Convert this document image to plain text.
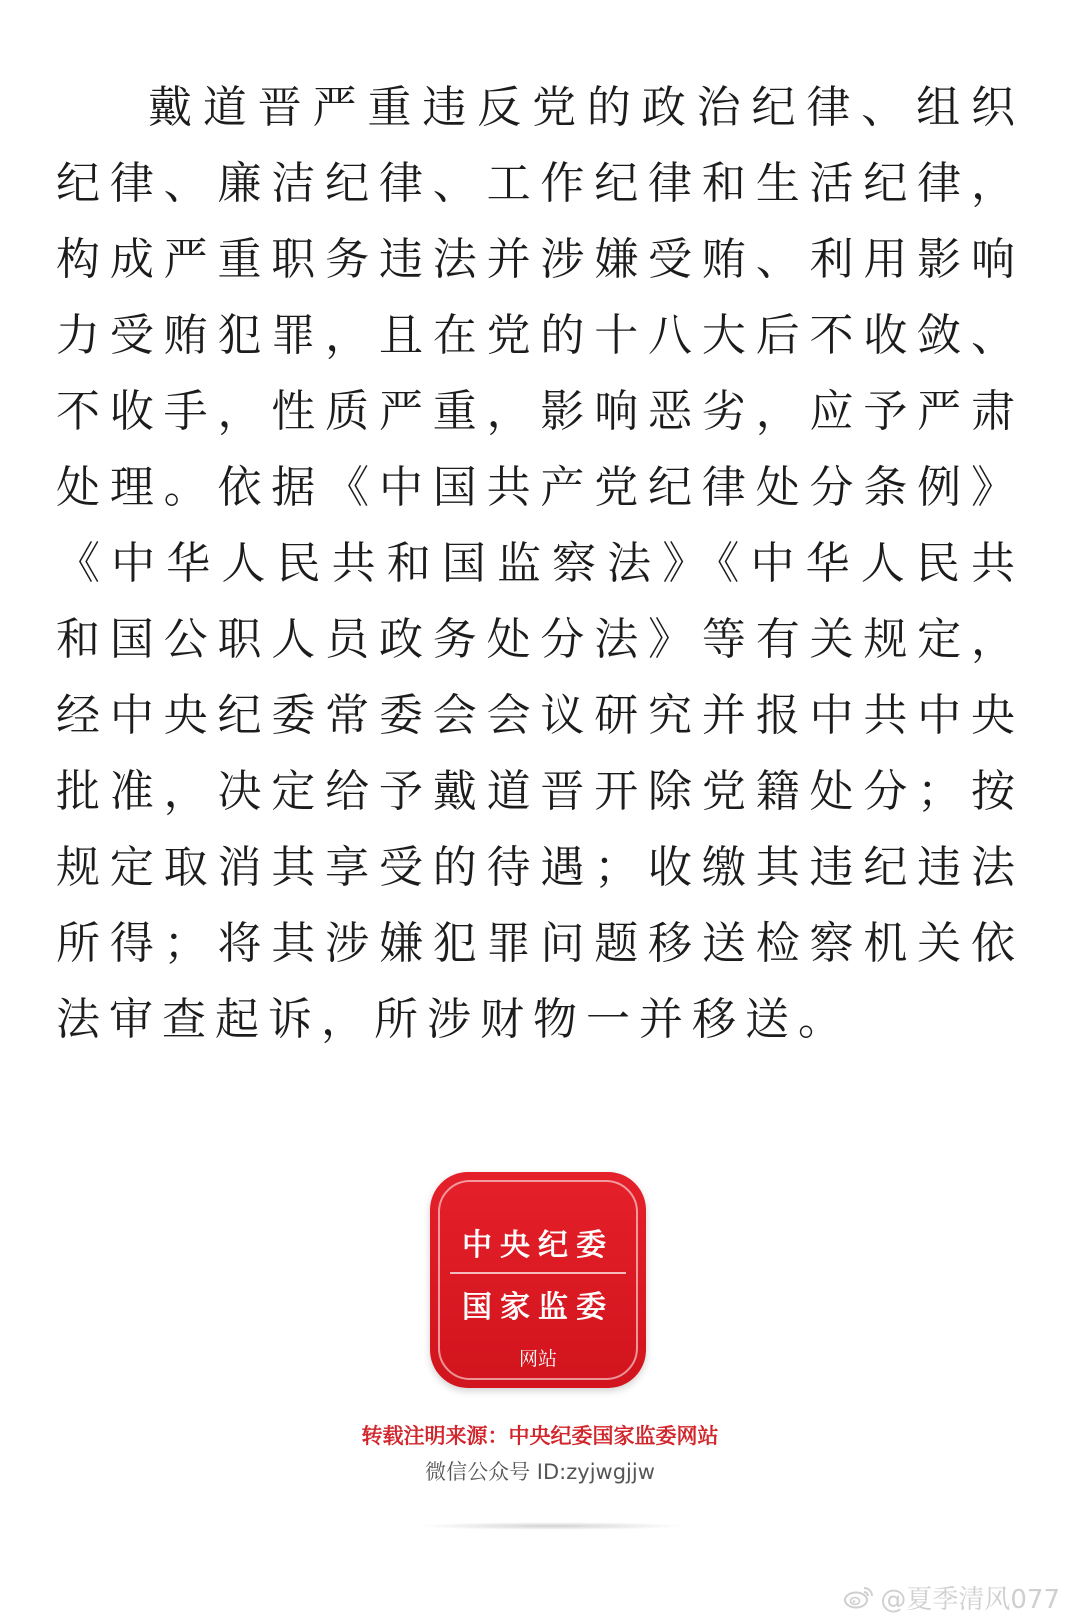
戴道晋严重违反党的政治纪律、组织纪律、廉洁纪律、工作纪律和生活纪律，构成严重职务违法并涉嫌受贿、利用影响力受贿犯罪，且在党的十八大后不收敛、不收手，性质严重，影响恶劣，应予严肃处理。依据《中国共产党纪律处分条例》《中华人民共和国监察法》《中华人民共和国公职人员政务处分法》等有关规定，经中央纪委常委会会议研究并报中共中央批准，决定给予戴道晋开除党籍处分；按规定取消其享受的待遇；收缴其违纪违法所得；将其涉嫌犯罪问题移送检察机关依法审查起诉，所涉财物一并移送。

中央纪委
国家监委
网站
转载注明来源：中央纪委国家监委网站
微信公众号 ID:zyjwgjjw
@夏季清风077
